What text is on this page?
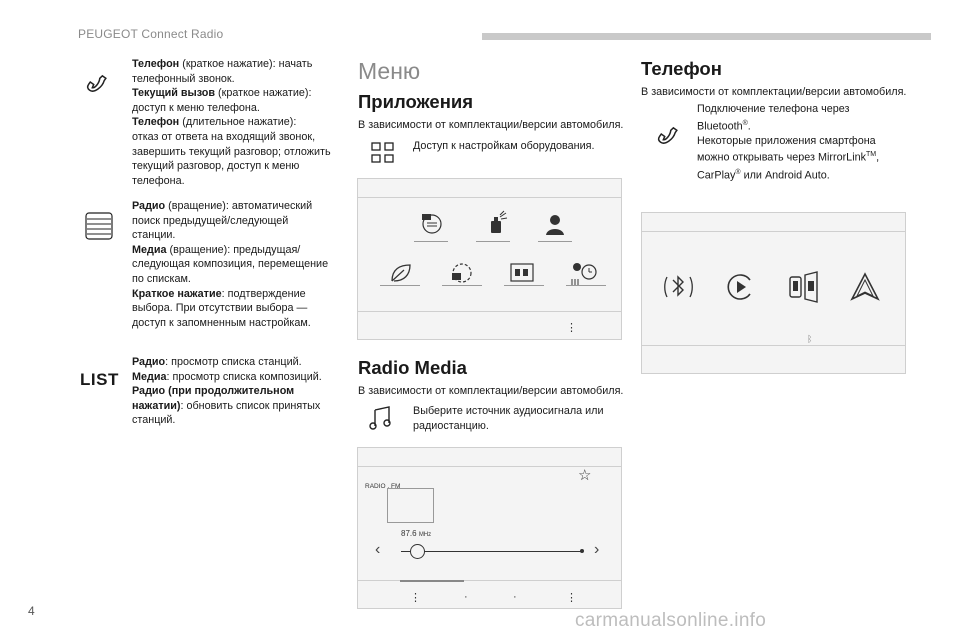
PEUGEOT Connect Radio

Телефон (краткое нажатие): начать

телефонный звонок.

Текущий вызов (краткое нажатие):

доступ к меню телефона.

Телефон (длительное нажатие):

отказ от ответа на входящий звонок,

завершить текущий разговор; отложить

текущий разговор, доступ к меню

телефона.

Радио (вращение): автоматический

поиск предыдущей/следующей

станции.

Медиа (вращение): предыдущая/

следующая композиция, перемещение

по спискам.

Краткое нажатие: подтверждение

выбора. При отсутствии выбора —

доступ к запомненным настройкам.

LIST

Радио: просмотр списка станций.

Медиа: просмотр списка композиций.

Радио (при продолжительном

нажатии): обновить список принятых

станций.

Меню
Приложения
В зависимости от комплектации/версии автомобиля.
Доступ к настройкам оборудования.
⋮
Radio Media
В зависимости от комплектации/версии автомобиля.
Выберите источник аудиосигнала или
радиостанцию.
RADIO . FM
☆
87.6 MHz
‹	›
⋮	·	·	⋮
Телефон
В зависимости от комплектации/версии автомобиля.
Подключение телефона через
Bluetooth®.
Некоторые приложения смартфона
можно открывать через MirrorLink™,
CarPlay® или Android Auto.
ᛒ
4	carmanualsonline.info
